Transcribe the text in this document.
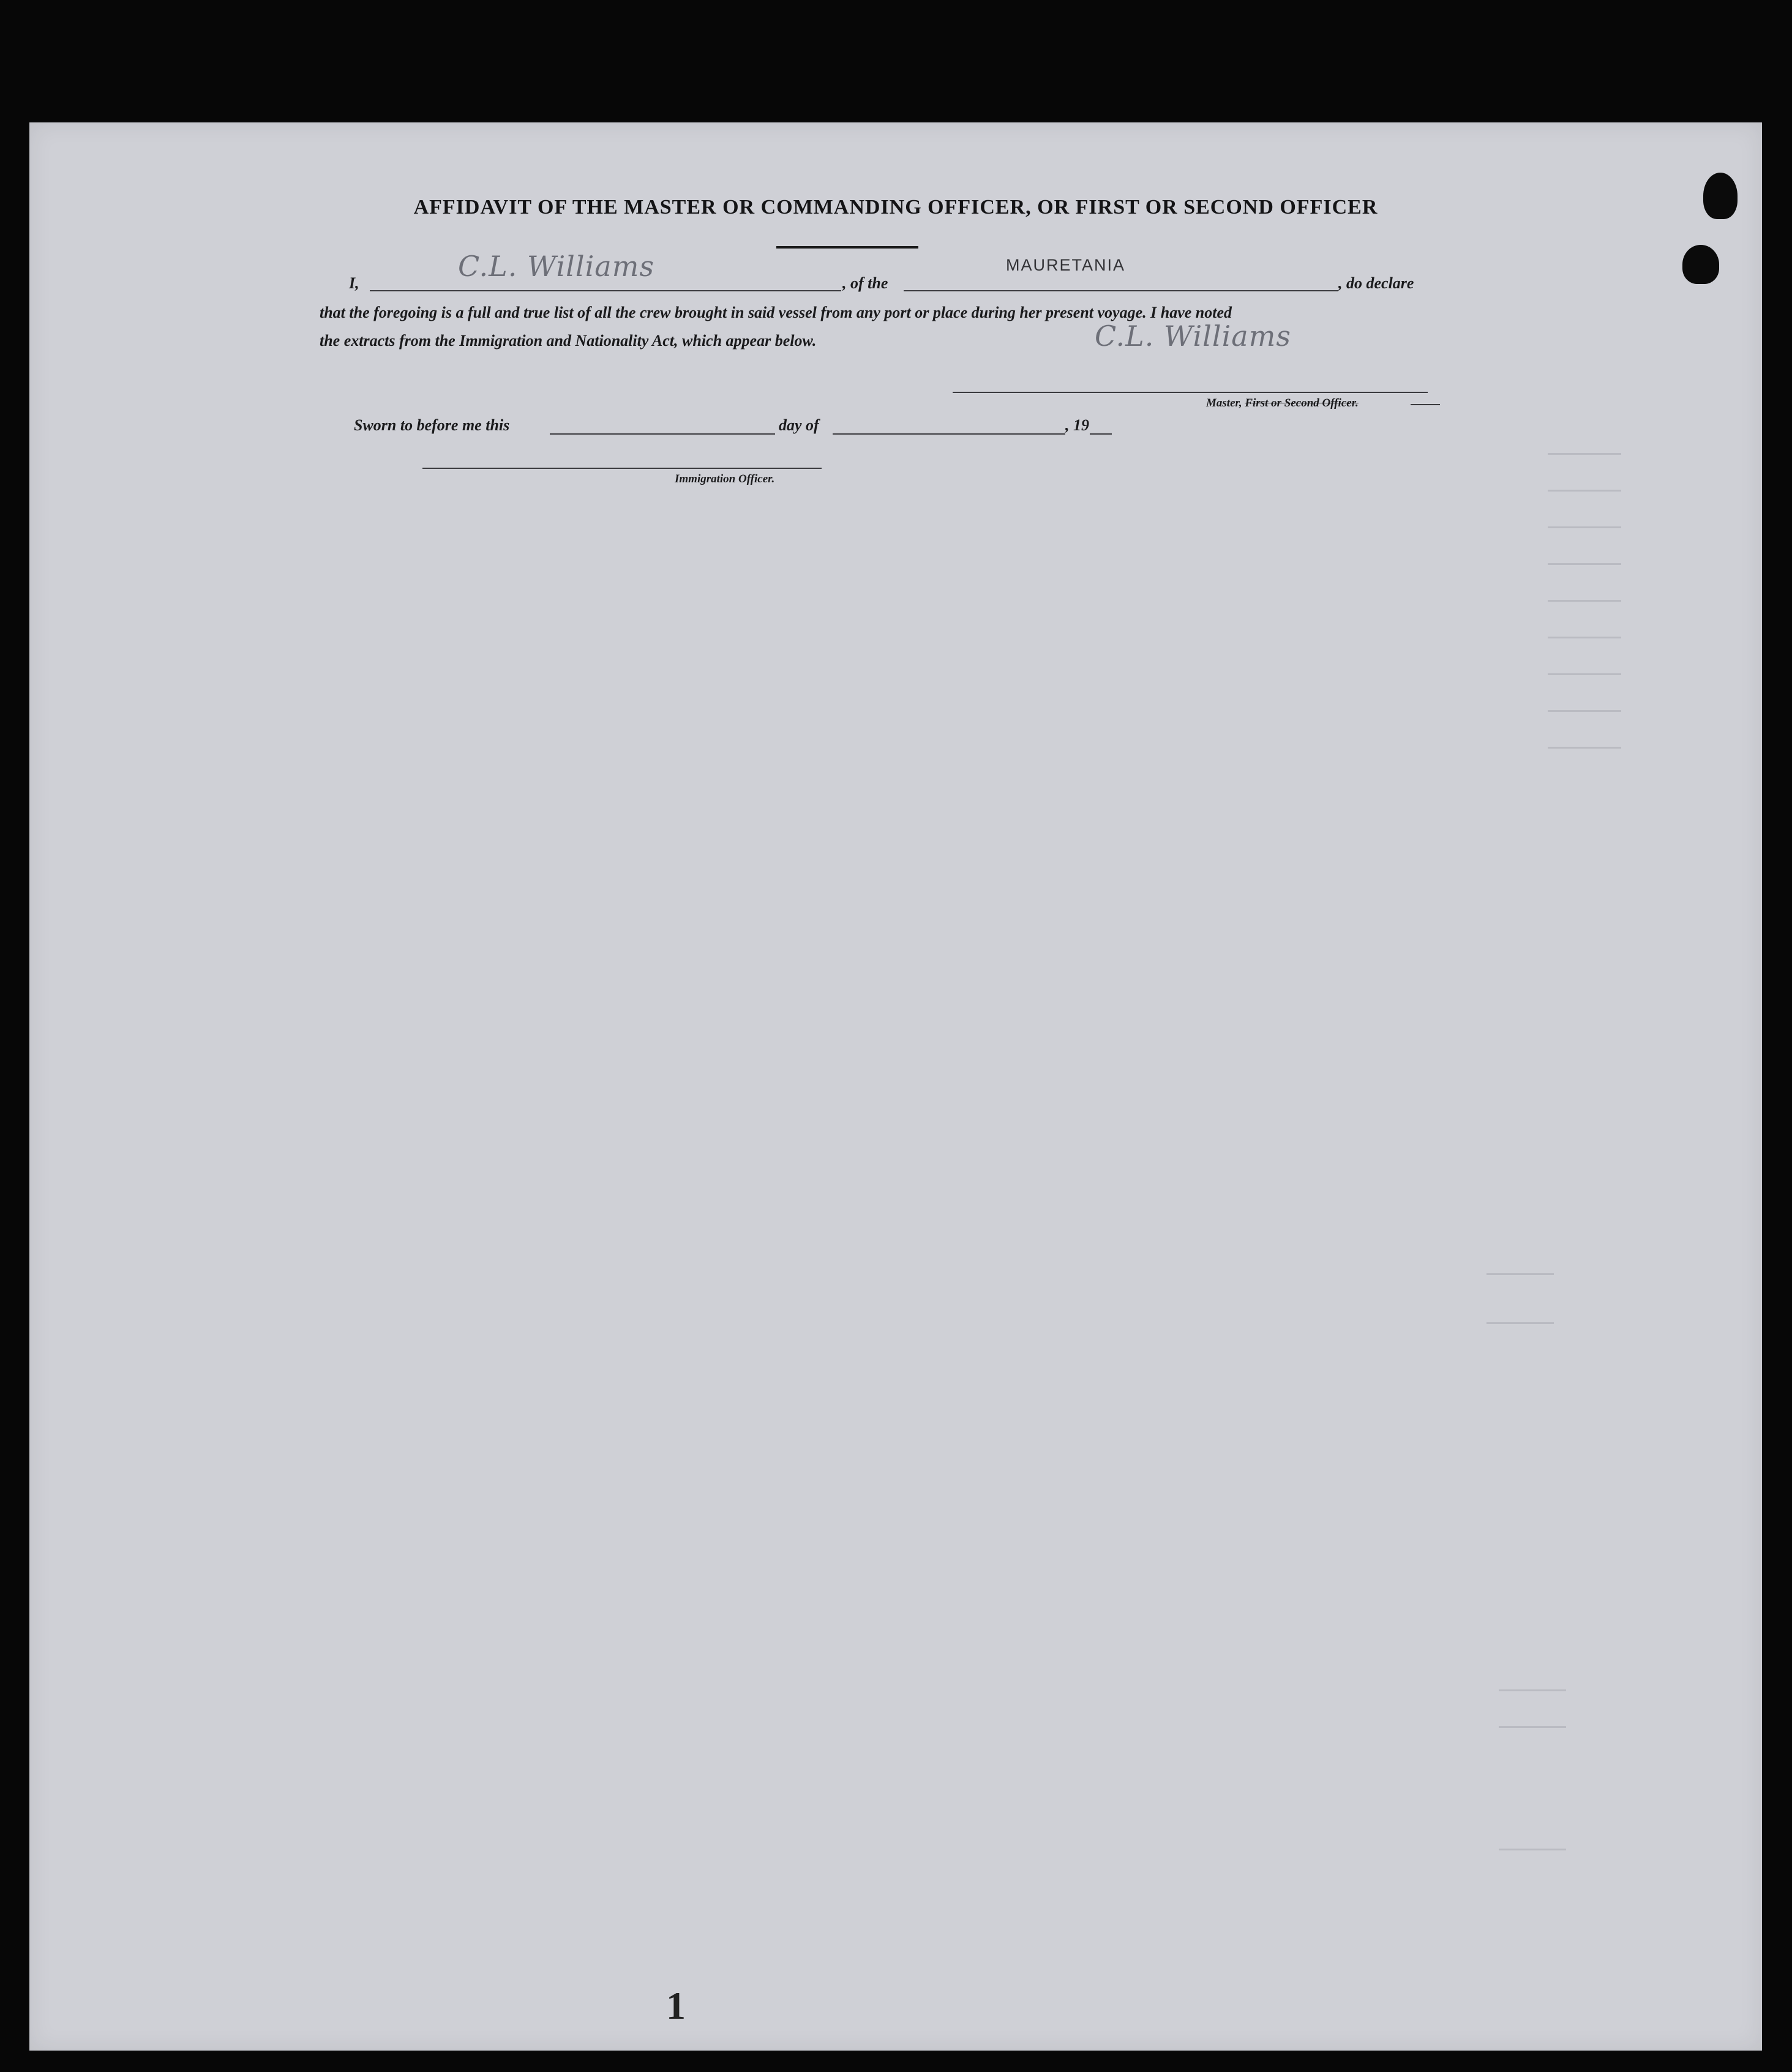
AFFIDAVIT OF THE MASTER OR COMMANDING OFFICER, OR FIRST OR SECOND OFFICER
I,
C.L. Williams
, of the
MAURETANIA
, do declare
that the foregoing is a full and true list of all the crew brought in said vessel from any port or place during her present voyage. I have noted
the extracts from the Immigration and Nationality Act, which appear below.	C.L. Williams
Master, First or Second Officer.
Sworn to before me this	day of	, 19
Immigration Officer.
1
